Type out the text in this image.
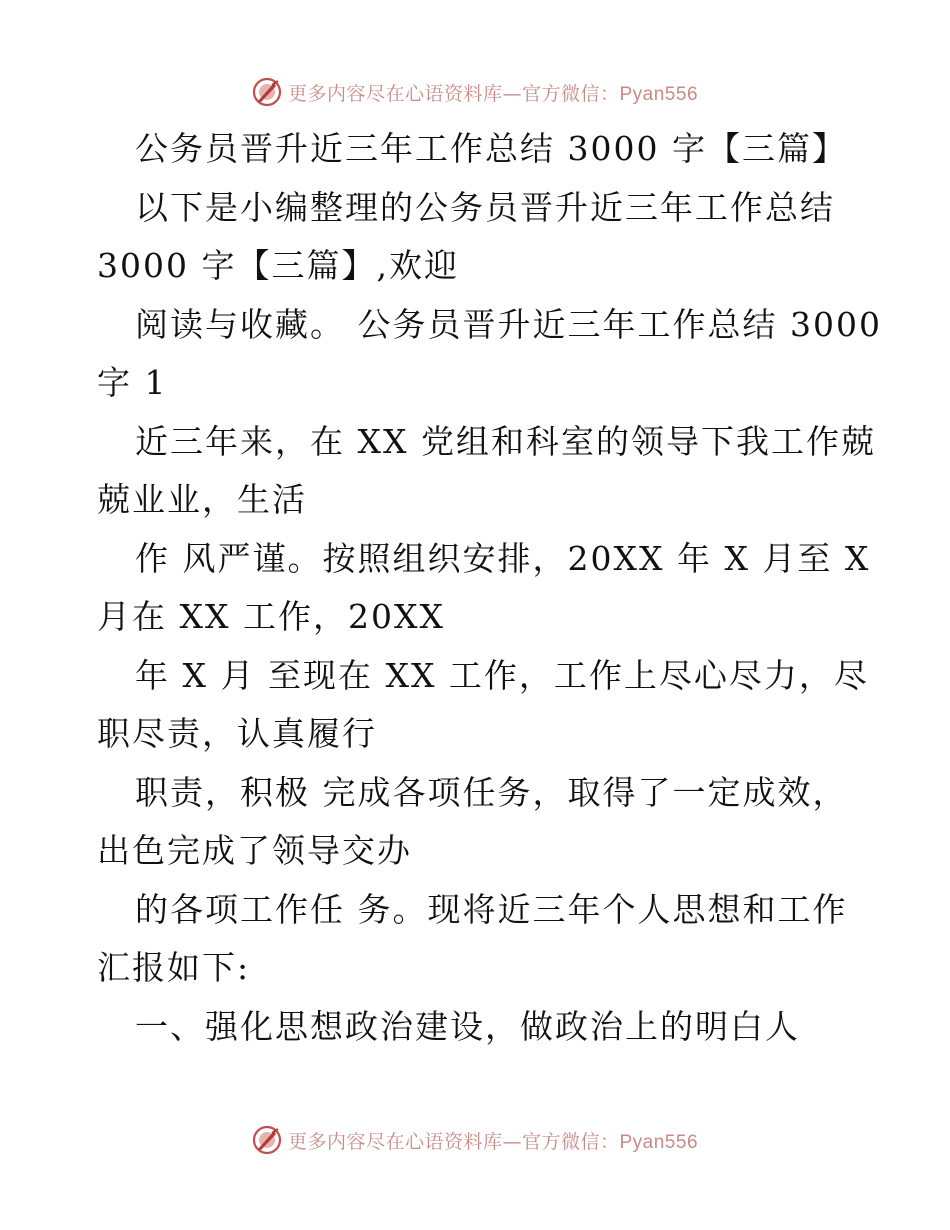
更多内容尽在心语资料库—官方微信：Pyan556
公务员晋升近三年工作总结 3000 字【三篇】
以下是小编整理的公务员晋升近三年工作总结
3000 字【三篇】,欢迎
阅读与收藏。 公务员晋升近三年工作总结 3000
字 1
近三年来，在 XX 党组和科室的领导下我工作兢
兢业业，生活
作 风严谨。按照组织安排，20XX 年 X 月至 X
月在 XX 工作，20XX
年 X 月 至现在 XX 工作，工作上尽心尽力，尽
职尽责，认真履行
职责，积极 完成各项任务，取得了一定成效，
出色完成了领导交办
的各项工作任 务。现将近三年个人思想和工作
汇报如下:
一、强化思想政治建设，做政治上的明白人
更多内容尽在心语资料库—官方微信：Pyan556
